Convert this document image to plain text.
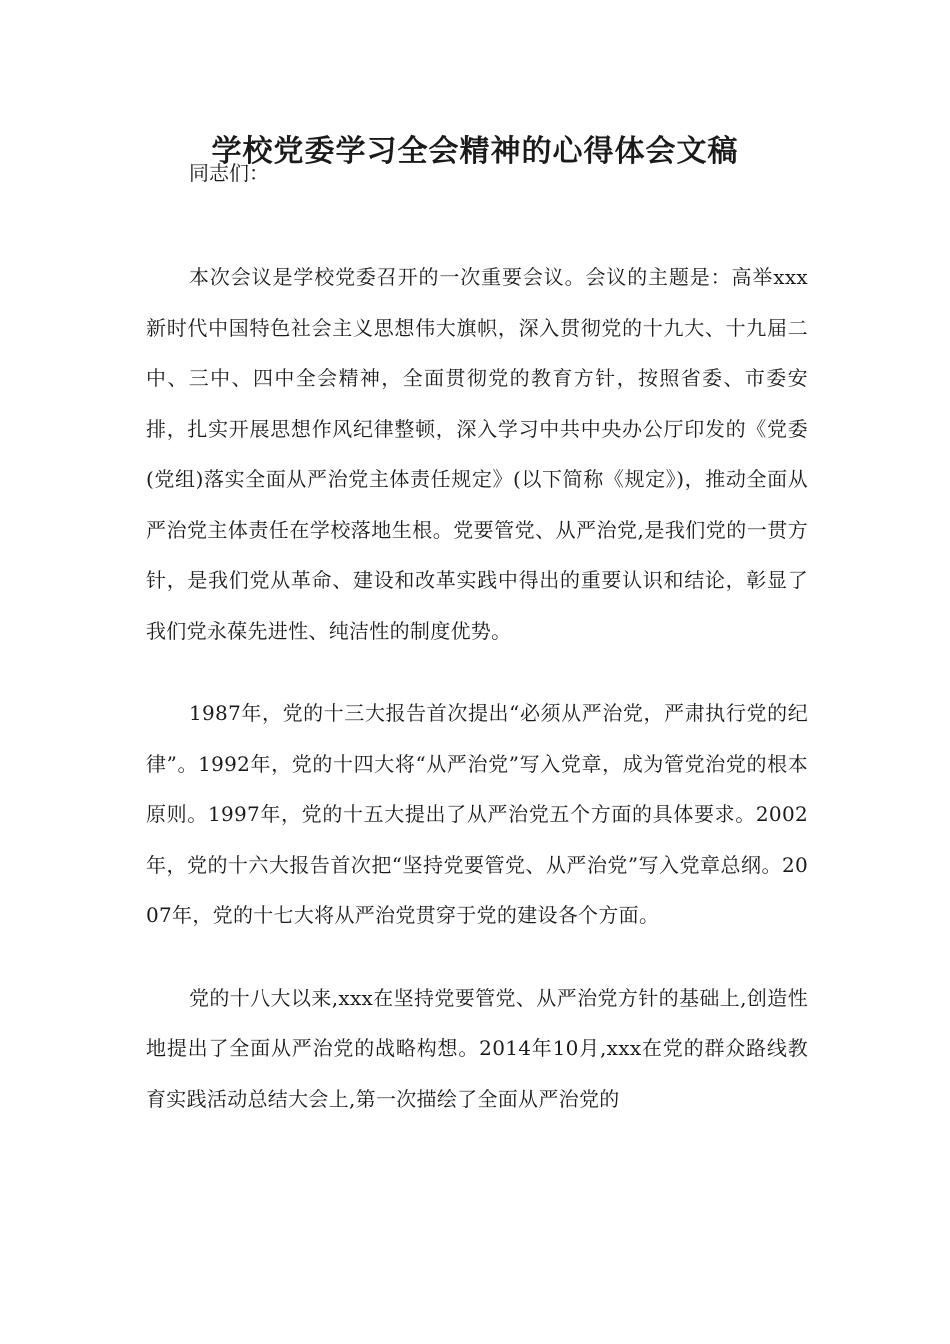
学校党委学习全会精神的心得体会文稿

同志们：

本次会议是学校党委召开的一次重要会议。会议的主题是：高举xxx新时代中国特色社会主义思想伟大旗帜，深入贯彻党的十九大、十九届二中、三中、四中全会精神，全面贯彻党的教育方针，按照省委、市委安排，扎实开展思想作风纪律整顿，深入学习中共中央办公厅印发的《党委(党组)落实全面从严治党主体责任规定》(以下简称《规定》)，推动全面从严治党主体责任在学校落地生根。党要管党、从严治党,是我们党的一贯方针，是我们党从革命、建设和改革实践中得出的重要认识和结论，彰显了我们党永葆先进性、纯洁性的制度优势。

1987年，党的十三大报告首次提出“必须从严治党，严肃执行党的纪律”。1992年，党的十四大将“从严治党”写入党章，成为管党治党的根本原则。1997年，党的十五大提出了从严治党五个方面的具体要求。2002年，党的十六大报告首次把“坚持党要管党、从严治党”写入党章总纲。2007年，党的十七大将从严治党贯穿于党的建设各个方面。

党的十八大以来,xxx在坚持党要管党、从严治党方针的基础上,创造性地提出了全面从严治党的战略构想。2014年10月,xxx在党的群众路线教育实践活动总结大会上,第一次描绘了全面从严治党的
